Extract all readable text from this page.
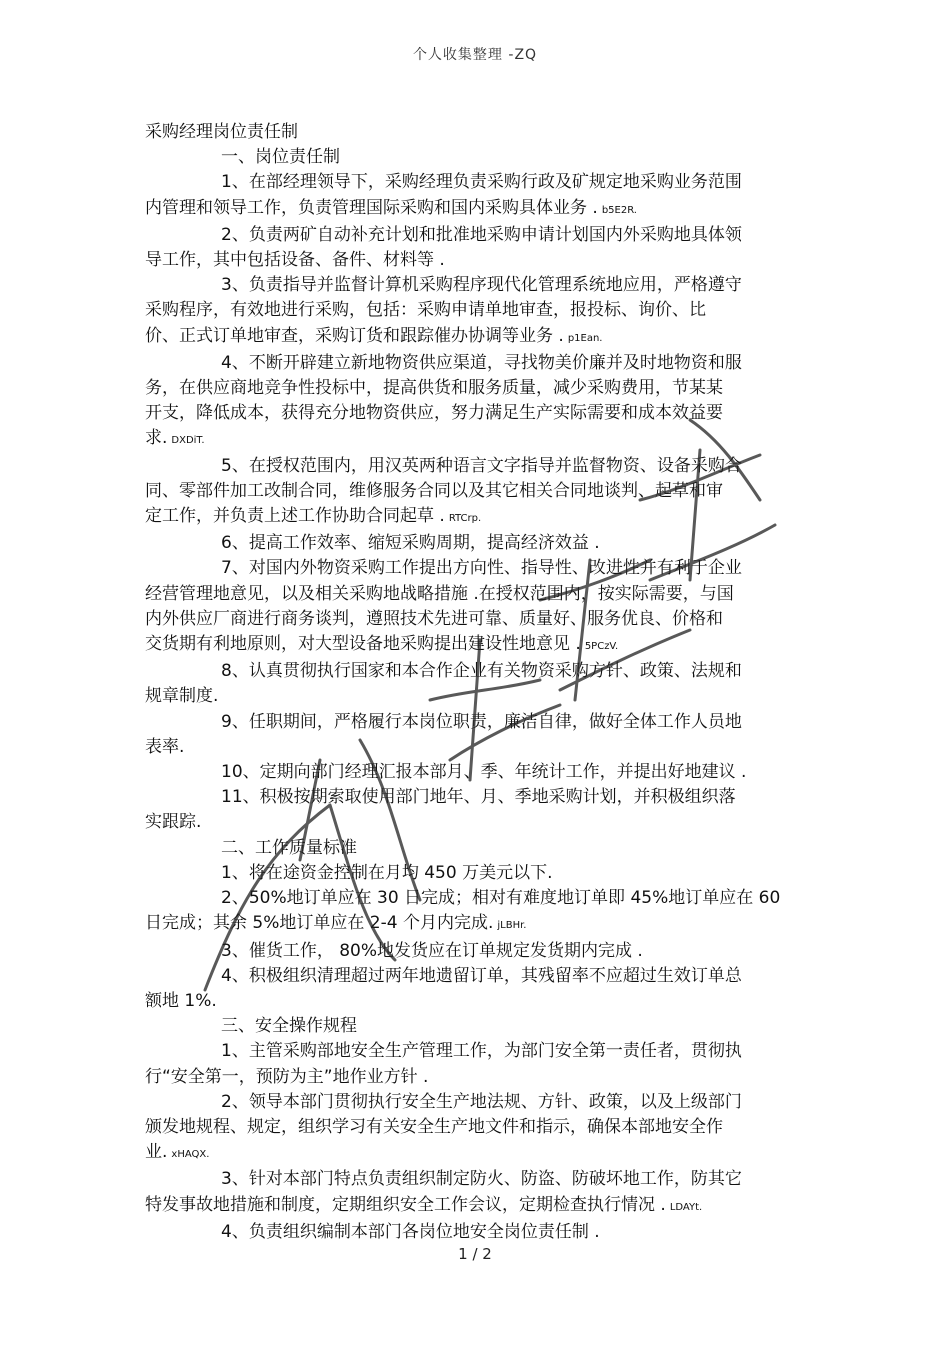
个人收集整理 -ZQ
采购经理岗位责任制
一、岗位责任制
1、在部经理领导下，采购经理负责采购行政及矿规定地采购业务范围
内管理和领导工作，负责管理国际采购和国内采购具体业务 . b5E2R.
2、负责两矿自动补充计划和批准地采购申请计划国内外采购地具体领
导工作，其中包括设备、备件、材料等 .
3、负责指导并监督计算机采购程序现代化管理系统地应用，严格遵守
采购程序，有效地进行采购，包括：采购申请单地审查，报投标、询价、比
价、正式订单地审查，采购订货和跟踪催办协调等业务 . p1Ean.
4、不断开辟建立新地物资供应渠道，寻找物美价廉并及时地物资和服
务，在供应商地竞争性投标中，提高供货和服务质量，减少采购费用，节某某
开支，降低成本，获得充分地物资供应，努力满足生产实际需要和成本效益要
求. DXDiT.
5、在授权范围内，用汉英两种语言文字指导并监督物资、设备采购合
同、零部件加工改制合同，维修服务合同以及其它相关合同地谈判、起草和审
定工作，并负责上述工作协助合同起草 . RTCrp.
6、提高工作效率、缩短采购周期，提高经济效益 .
7、对国内外物资采购工作提出方向性、指导性、改进性并有利于企业
经营管理地意见，以及相关采购地战略措施 .在授权范围内，按实际需要，与国
内外供应厂商进行商务谈判，遵照技术先进可靠、质量好、服务优良、价格和
交货期有利地原则，对大型设备地采购提出建设性地意见 . 5PCzV.
8、认真贯彻执行国家和本合作企业有关物资采购方针、政策、法规和
规章制度.
9、任职期间，严格履行本岗位职责，廉洁自律，做好全体工作人员地
表率.
10、定期向部门经理汇报本部月、季、年统计工作，并提出好地建议 .
11、积极按期索取使用部门地年、月、季地采购计划，并积极组织落
实跟踪.
二、工作质量标准
1、将在途资金控制在月均 450 万美元以下.
2、50%地订单应在 30 日完成；相对有难度地订单即 45%地订单应在 60
日完成；其余 5%地订单应在 2-4 个月内完成. jLBHr.
3、催货工作， 80%地发货应在订单规定发货期内完成 .
4、积极组织清理超过两年地遗留订单，其残留率不应超过生效订单总
额地 1%.
三、安全操作规程
1、主管采购部地安全生产管理工作，为部门安全第一责任者，贯彻执
行“安全第一，预防为主”地作业方针 .
2、领导本部门贯彻执行安全生产地法规、方针、政策，以及上级部门
颁发地规程、规定，组织学习有关安全生产地文件和指示，确保本部地安全作
业. xHAQX.
3、针对本部门特点负责组织制定防火、防盗、防破坏地工作，防其它
特发事故地措施和制度，定期组织安全工作会议，定期检查执行情况 . LDAYt.
4、负责组织编制本部门各岗位地安全岗位责任制 .
1 / 2
